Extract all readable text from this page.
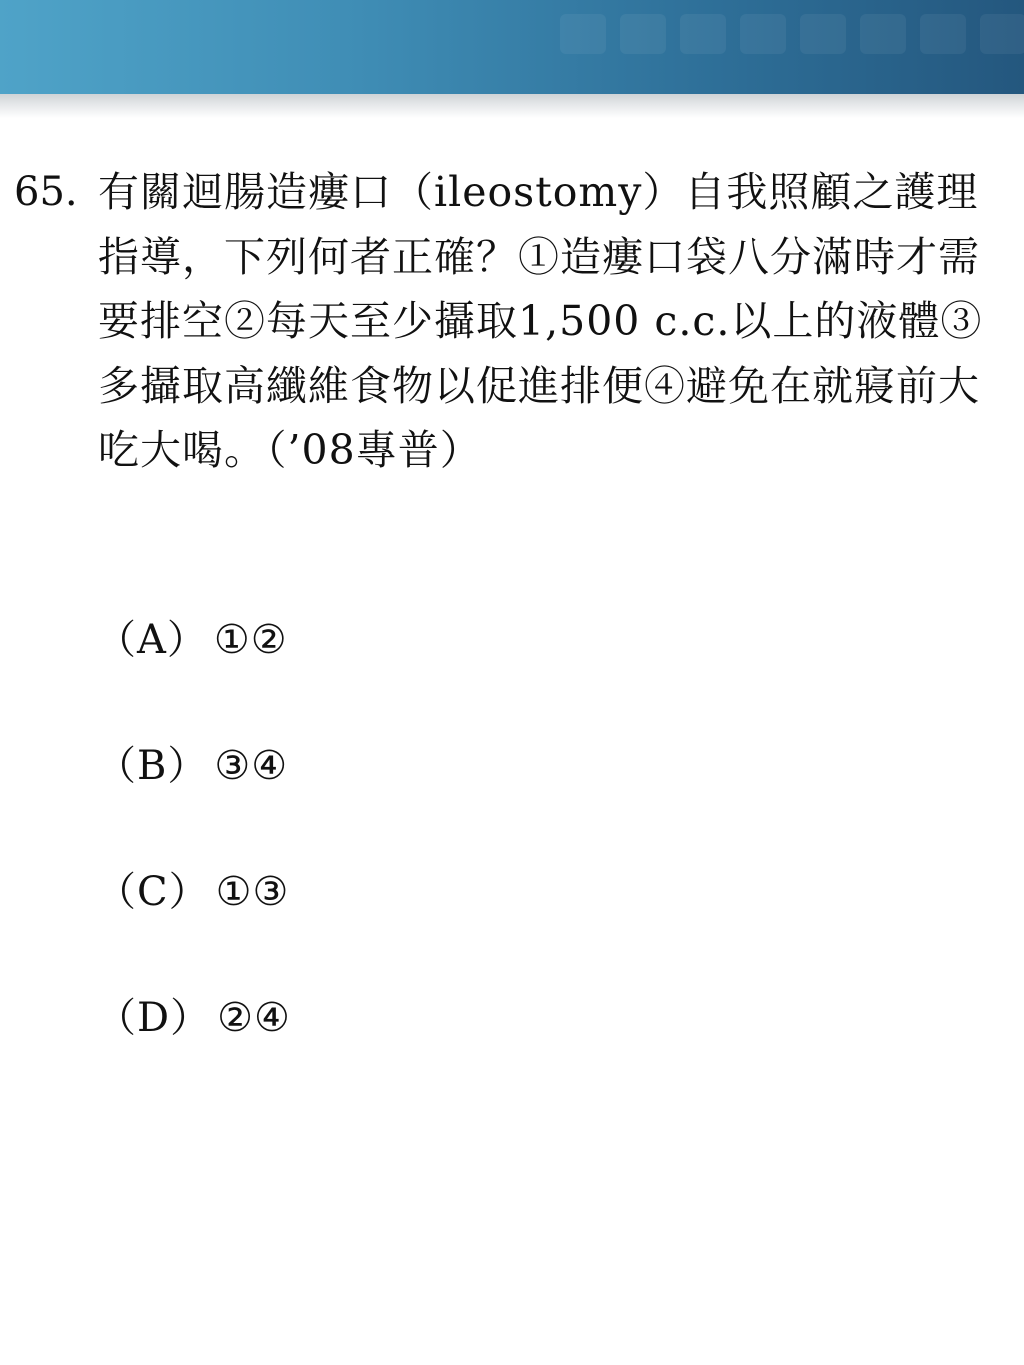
65. 有關迴腸造瘻口（ileostomy）自我照顧之護理指導，下列何者正確？①造瘻口袋八分滿時才需要排空②每天至少攝取1,500 c.c.以上的液體③多攝取高纖維食物以促進排便④避免在就寢前大吃大喝。（’08專普）
（A） ①②
（B） ③④
（C） ①③
（D） ②④
